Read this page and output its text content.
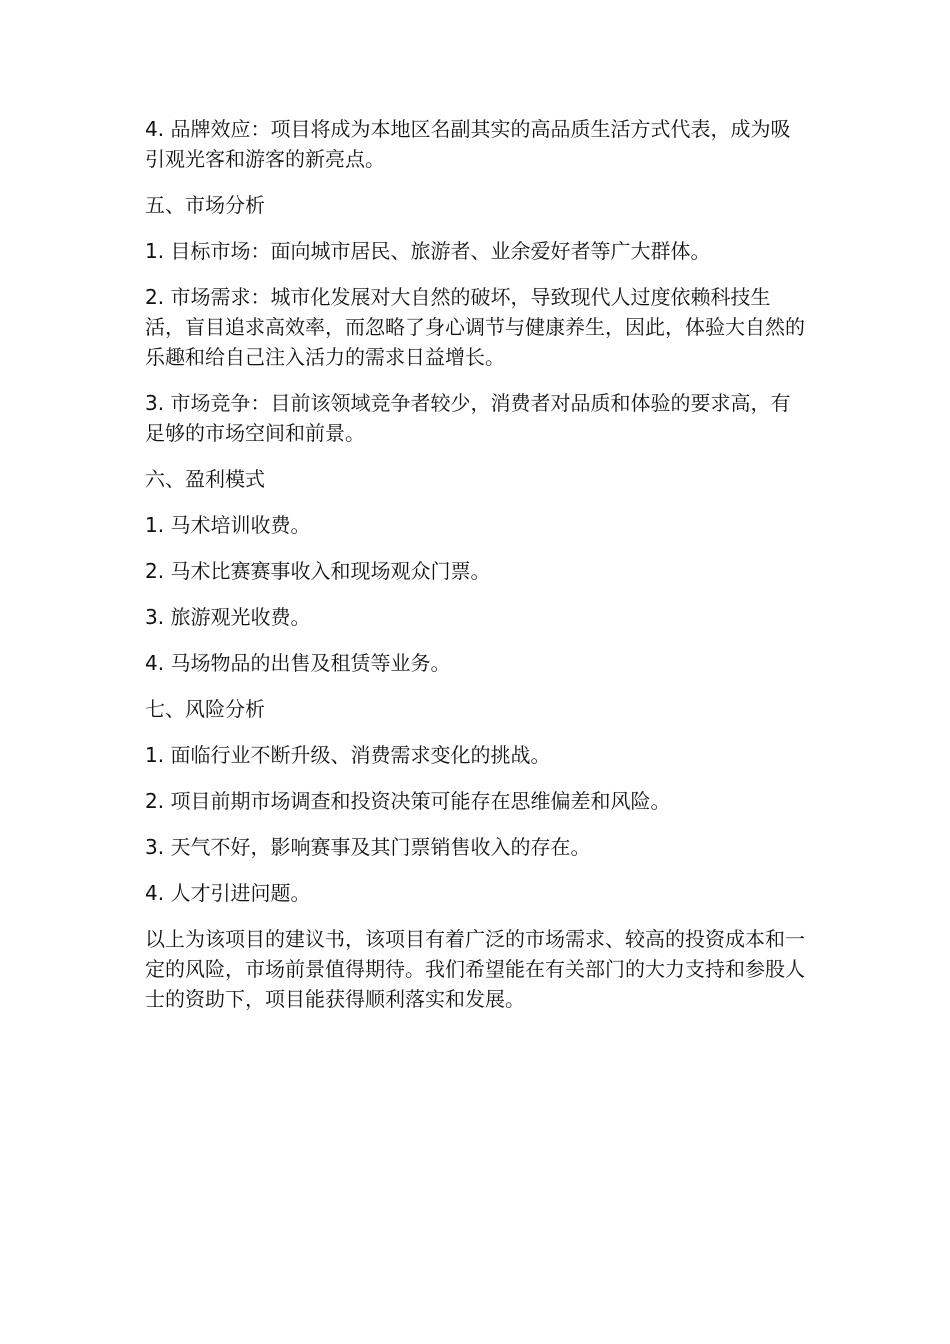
4. 品牌效应：项目将成为本地区名副其实的高品质生活方式代表，成为吸引观光客和游客的新亮点。

五、市场分析

1. 目标市场：面向城市居民、旅游者、业余爱好者等广大群体。

2. 市场需求：城市化发展对大自然的破坏，导致现代人过度依赖科技生活，盲目追求高效率，而忽略了身心调节与健康养生，因此，体验大自然的乐趣和给自己注入活力的需求日益增长。

3. 市场竞争：目前该领域竞争者较少，消费者对品质和体验的要求高，有足够的市场空间和前景。

六、盈利模式

1. 马术培训收费。

2. 马术比赛赛事收入和现场观众门票。

3. 旅游观光收费。

4. 马场物品的出售及租赁等业务。

七、风险分析

1. 面临行业不断升级、消费需求变化的挑战。

2. 项目前期市场调查和投资决策可能存在思维偏差和风险。

3. 天气不好，影响赛事及其门票销售收入的存在。

4. 人才引进问题。

以上为该项目的建议书，该项目有着广泛的市场需求、较高的投资成本和一定的风险，市场前景值得期待。我们希望能在有关部门的大力支持和参股人士的资助下，项目能获得顺利落实和发展。
